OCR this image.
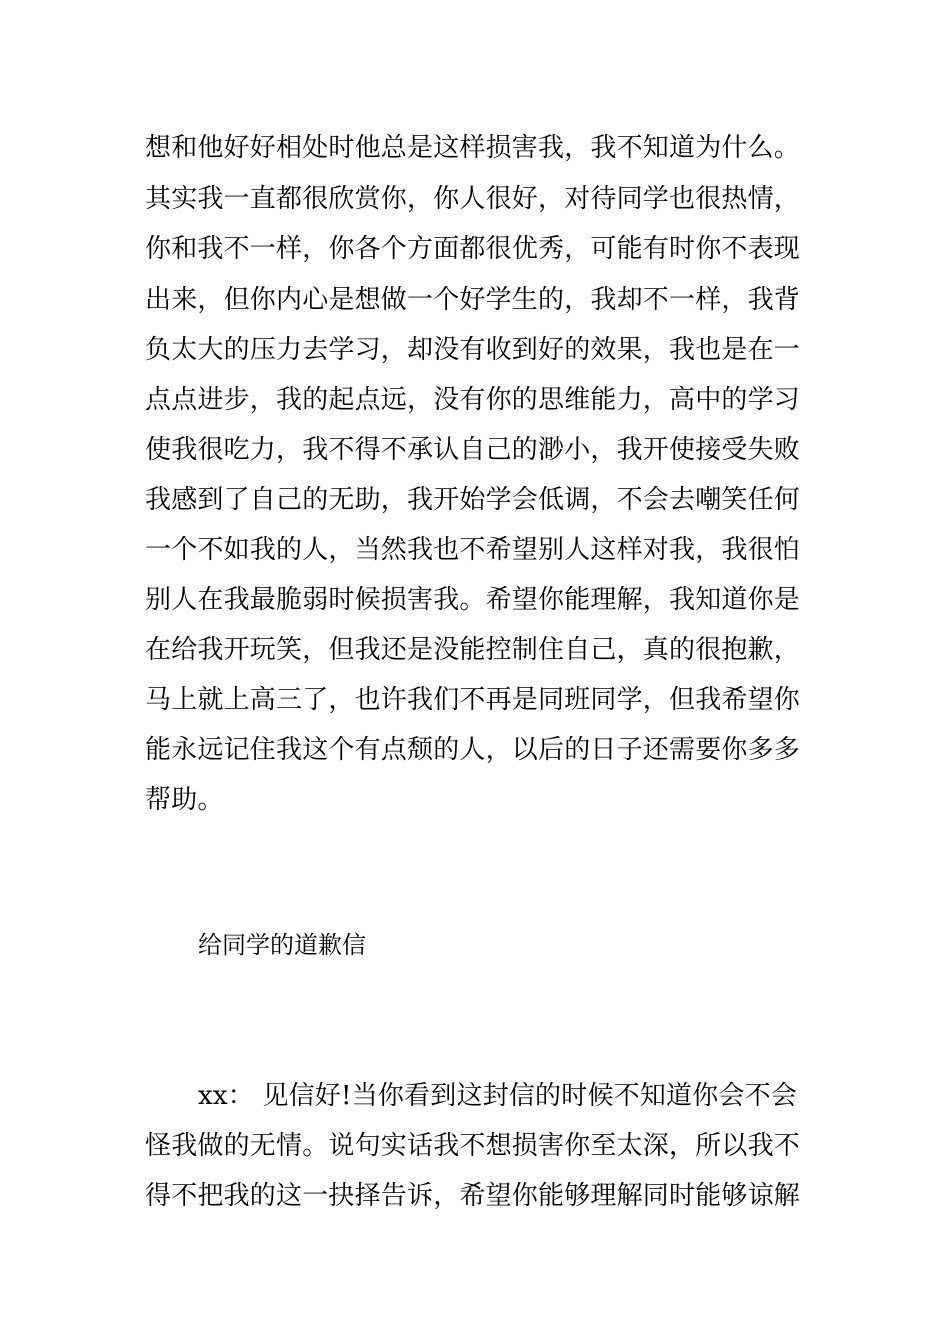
想和他好好相处时他总是这样损害我，我不知道为什么。
其实我一直都很欣赏你，你人很好，对待同学也很热情，
你和我不一样，你各个方面都很优秀，可能有时你不表现
出来，但你内心是想做一个好学生的，我却不一样，我背
负太大的压力去学习，却没有收到好的效果，我也是在一
点点进步，我的起点远，没有你的思维能力，高中的学习
使我很吃力，我不得不承认自己的渺小，我开使接受失败
我感到了自己的无助，我开始学会低调，不会去嘲笑任何
一个不如我的人，当然我也不希望别人这样对我，我很怕
别人在我最脆弱时候损害我。希望你能理解，我知道你是
在给我开玩笑，但我还是没能控制住自己，真的很抱歉，
马上就上高三了，也许我们不再是同班同学，但我希望你
能永远记住我这个有点颓的人，以后的日子还需要你多多
帮助。
给同学的道歉信
xx： 见信好!当你看到这封信的时候不知道你会不会
怪我做的无情。说句实话我不想损害你至太深，所以我不
得不把我的这一抉择告诉，希望你能够理解同时能够谅解
